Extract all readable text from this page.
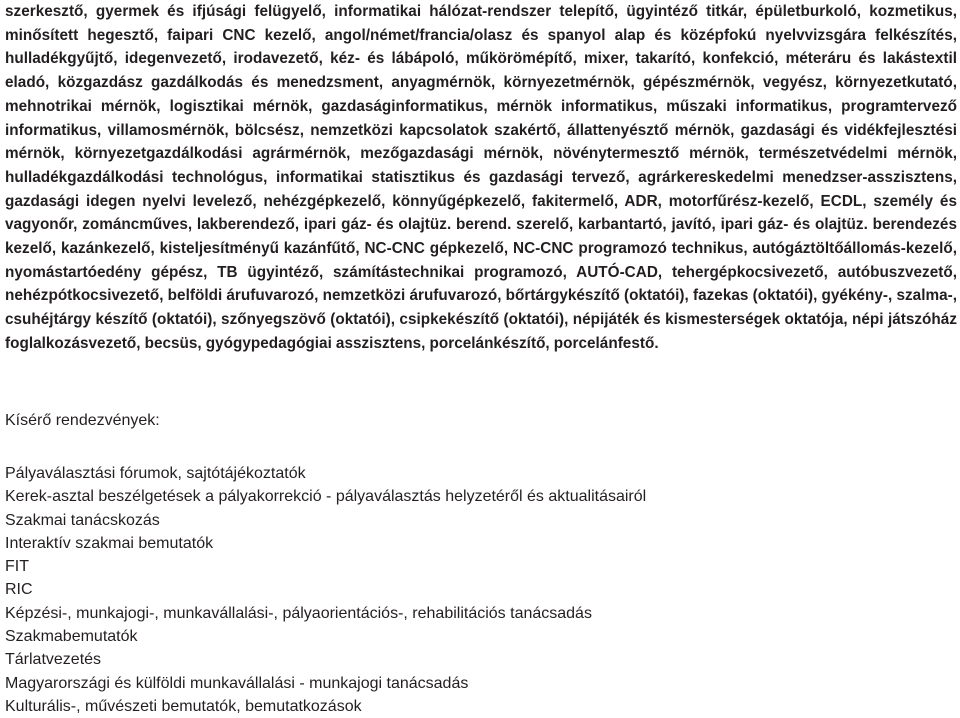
szerkesztő, gyermek és ifjúsági felügyelő, informatikai hálózat-rendszer telepítő, ügyintéző titkár, épületburkoló, kozmetikus, minősített hegesztő, faipari CNC kezelő, angol/német/francia/olasz és spanyol alap és középfokú nyelvvizsgára felkészítés, hulladékgyűjtő, idegenvezető, irodavezető, kéz- és lábápoló, műkörömépítő, mixer, takarító, konfekció, méteráru és lakástextil eladó, közgazdász gazdálkodás és menedzsment, anyagmérnök, környezetmérnök, gépészmérnök, vegyész, környezetkutató, mehnotrikai mérnök, logisztikai mérnök, gazdaságinformatikus, mérnök informatikus, műszaki informatikus, programtervező informatikus, villamosmérnök, bölcsész, nemzetközi kapcsolatok szakértő, állattenyésztő mérnök, gazdasági és vidékfejlesztési mérnök, környezetgazdálkodási agrármérnök, mezőgazdasági mérnök, növénytermesztő mérnök, természetvédelmi mérnök, hulladékgazdálkodási technológus, informatikai statisztikus és gazdasági tervező, agrárkereskedelmi menedzser-asszisztens, gazdasági idegen nyelvi levelező, nehézgépkezelő, könnyűgépkezelő, fakitermelő, ADR, motorfűrész-kezelő, ECDL, személy és vagyonőr, zománcműves, lakberendező, ipari gáz- és olajtüz. berend. szerelő, karbantartó, javító, ipari gáz- és olajtüz. berendezés kezelő, kazánkezelő, kisteljesítményű kazánfűtő, NC-CNC gépkezelő, NC-CNC programozó technikus, autógáztöltőállomás-kezelő, nyomástartóedény gépész, TB ügyintéző, számítástechnikai programozó, AUTÓ-CAD, tehergépkocsivezető, autóbuszvezető, nehézpótkocsivezető, belföldi árufuvarozó, nemzetközi árufuvarozó, bőrtárgykészítő (oktatói), fazekas (oktatói), gyékény-, szalma-, csuhéjtárgy készítő (oktatói), szőnyegszövő (oktatói), csipkekészítő (oktatói), népijáték és kismesterségek oktatója, népi játszóház foglalkozásvezető, becsüs, gyógypedagógiai asszisztens, porcelánkészítő, porcelánfestő.

Kísérő rendezvények:
Pályaválasztási fórumok, sajtótájékoztatók
Kerek-asztal beszélgetések a pályakorrekció - pályaválasztás helyzetéről és aktualitásairól
Szakmai tanácskozás
Interaktív szakmai bemutatók
FIT
RIC
Képzési-, munkajogi-, munkavállalási-, pályaorientációs-, rehabilitációs tanácsadás
Szakmabemutatók
Tárlatvezetés
Magyarországi és külföldi munkavállalási - munkajogi tanácsadás
Kulturális-, művészeti bemutatók, bemutatkozások
